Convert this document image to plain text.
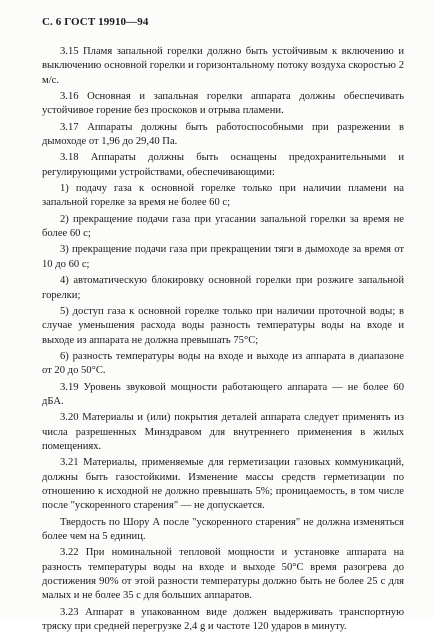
С. 6 ГОСТ 19910—94

3.15 Пламя запальной горелки должно быть устойчивым к включению и выключению основной горелки и горизонтальному потоку воздуха скоростью 2 м/с.

3.16 Основная и запальная горелки аппарата должны обеспечивать устойчивое горение без проскоков и отрыва пламени.

3.17 Аппараты должны быть работоспособными при разрежении в дымоходе от 1,96 до 29,40 Па.

3.18 Аппараты должны быть оснащены предохранительными и регулирующими устройствами, обеспечивающими:

1) подачу газа к основной горелке только при наличии пламени на запальной горелке за время не более 60 с;

2) прекращение подачи газа при угасании запальной горелки за время не более 60 с;

3) прекращение подачи газа при прекращении тяги в дымоходе за время от 10 до 60 с;

4) автоматическую блокировку основной горелки при розжиге запальной горелки;

5) доступ газа к основной горелке только при наличии проточной воды; в случае уменьшения расхода воды разность температуры воды на входе и выходе из аппарата не должна превышать 75°С;

6) разность температуры воды на входе и выходе из аппарата в диапазоне от 20 до 50°С.

3.19 Уровень звуковой мощности работающего аппарата — не более 60 дБА.

3.20 Материалы и (или) покрытия деталей аппарата следует применять из числа разрешенных Минздравом для внутреннего применения в жилых помещениях.

3.21 Материалы, применяемые для герметизации газовых коммуникаций, должны быть газостойкими. Изменение массы средств герметизации по отношению к исходной не должно превышать 5%; проницаемость, в том числе после "ускоренного старения" — не допускается.

Твердость по Шору А после "ускоренного старения" не должна изменяться более чем на 5 единиц.

3.22 При номинальной тепловой мощности и установке аппарата на разность температуры воды на входе и выходе 50°С время разогрева до достижения 90% от этой разности температуры должно быть не более 25 с для малых и не более 35 с для больших аппаратов.

3.23 Аппарат в упакованном виде должен выдерживать транспортную тряску при средней перегрузке 2,4 g и частоте 120 ударов в минуту.
